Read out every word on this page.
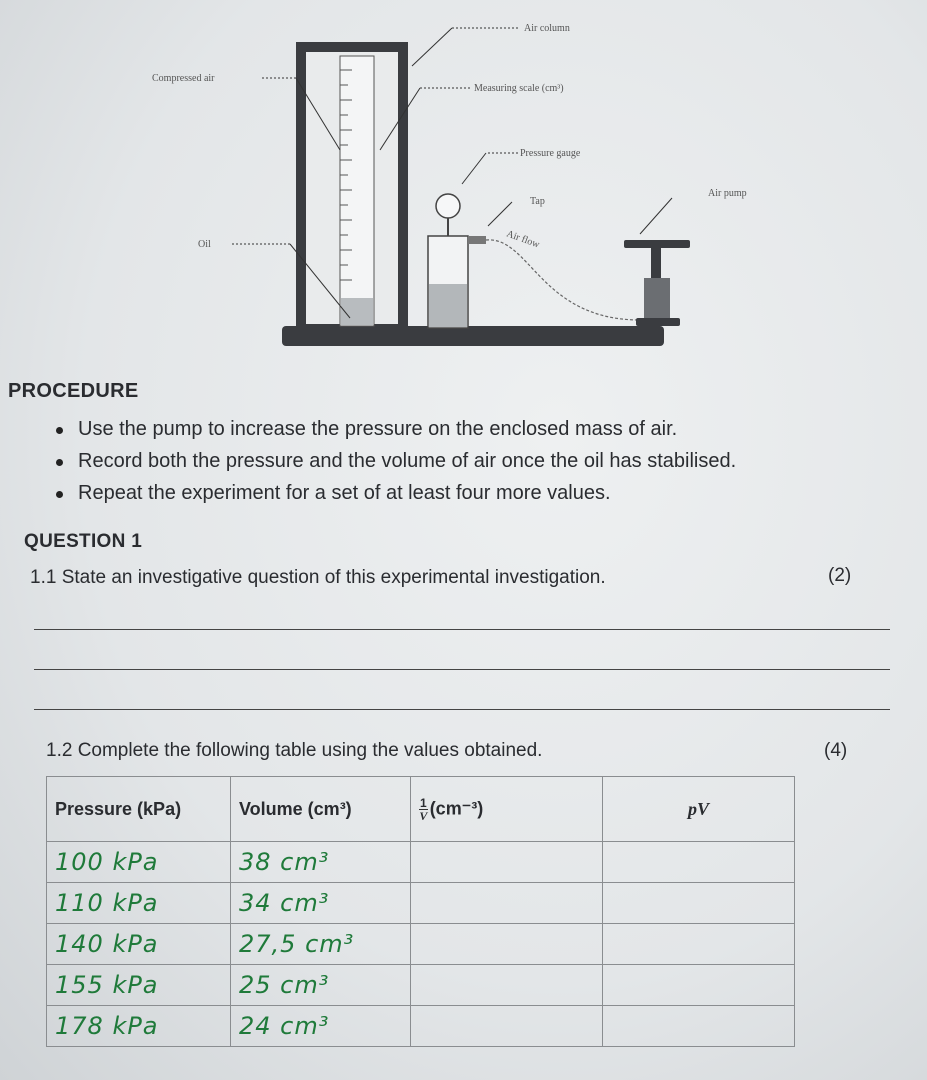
Air column
Compressed air
Measuring scale (cm³)
Pressure gauge
Air pump
Tap
Air flow
Oil
PROCEDURE
Use the pump to increase the pressure on the enclosed mass of air.
Record both the pressure and the volume of air once the oil has stabilised.
Repeat the experiment for a set of at least four more values.
QUESTION 1
1.1 State an investigative question of this experimental investigation.	(2)
1.2 Complete the following table using the values obtained.	(4)
Pressure (kPa)	Volume (cm³)	$\frac{1}{V} (cm^{-3})$	pV

100 kPa	38 cm³		
110 kPa	34 cm³		
140 kPa	27,5 cm³		
155 kPa	25 cm³		
178 kPa	24 cm³		
